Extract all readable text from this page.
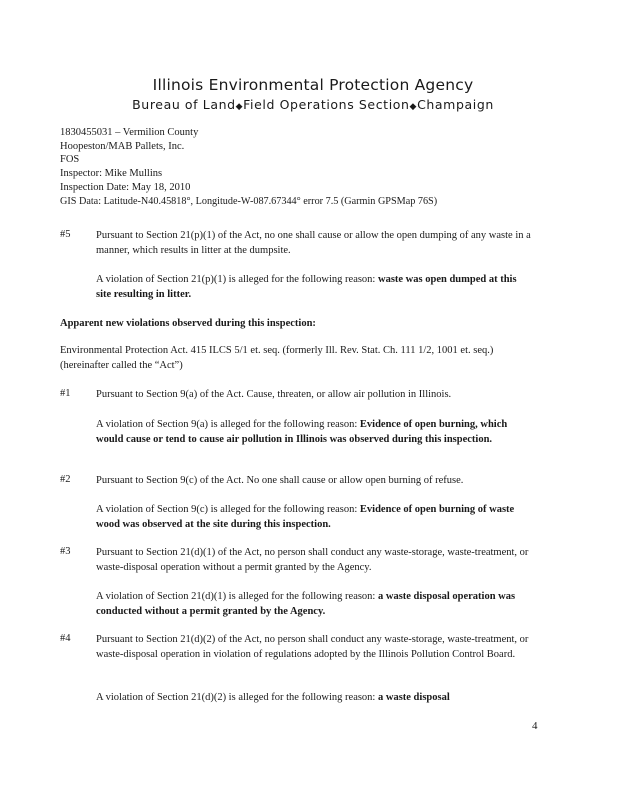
Illinois Environmental Protection Agency
Bureau of Land◆Field Operations Section◆Champaign
1830455031 – Vermilion County
Hoopeston/MAB Pallets, Inc.
FOS
Inspector: Mike Mullins
Inspection Date: May 18, 2010
GIS Data: Latitude-N40.45818°, Longitude-W-087.67344° error 7.5 (Garmin GPSMap 76S)
#5 Pursuant to Section 21(p)(1) of the Act, no one shall cause or allow the open dumping of any waste in a manner, which results in litter at the dumpsite.
A violation of Section 21(p)(1) is alleged for the following reason: waste was open dumped at this site resulting in litter.
Apparent new violations observed during this inspection:
Environmental Protection Act. 415 ILCS 5/1 et. seq. (formerly Ill. Rev. Stat. Ch. 111 1/2, 1001 et. seq.) (hereinafter called the “Act”)
#1 Pursuant to Section 9(a) of the Act. Cause, threaten, or allow air pollution in Illinois.
A violation of Section 9(a) is alleged for the following reason: Evidence of open burning, which would cause or tend to cause air pollution in Illinois was observed during this inspection.
#2 Pursuant to Section 9(c) of the Act. No one shall cause or allow open burning of refuse.
A violation of Section 9(c) is alleged for the following reason: Evidence of open burning of waste wood was observed at the site during this inspection.
#3 Pursuant to Section 21(d)(1) of the Act, no person shall conduct any waste-storage, waste-treatment, or waste-disposal operation without a permit granted by the Agency.
A violation of Section 21(d)(1) is alleged for the following reason: a waste disposal operation was conducted without a permit granted by the Agency.
#4 Pursuant to Section 21(d)(2) of the Act, no person shall conduct any waste-storage, waste-treatment, or waste-disposal operation in violation of regulations adopted by the Illinois Pollution Control Board.
A violation of Section 21(d)(2) is alleged for the following reason: a waste disposal
4
